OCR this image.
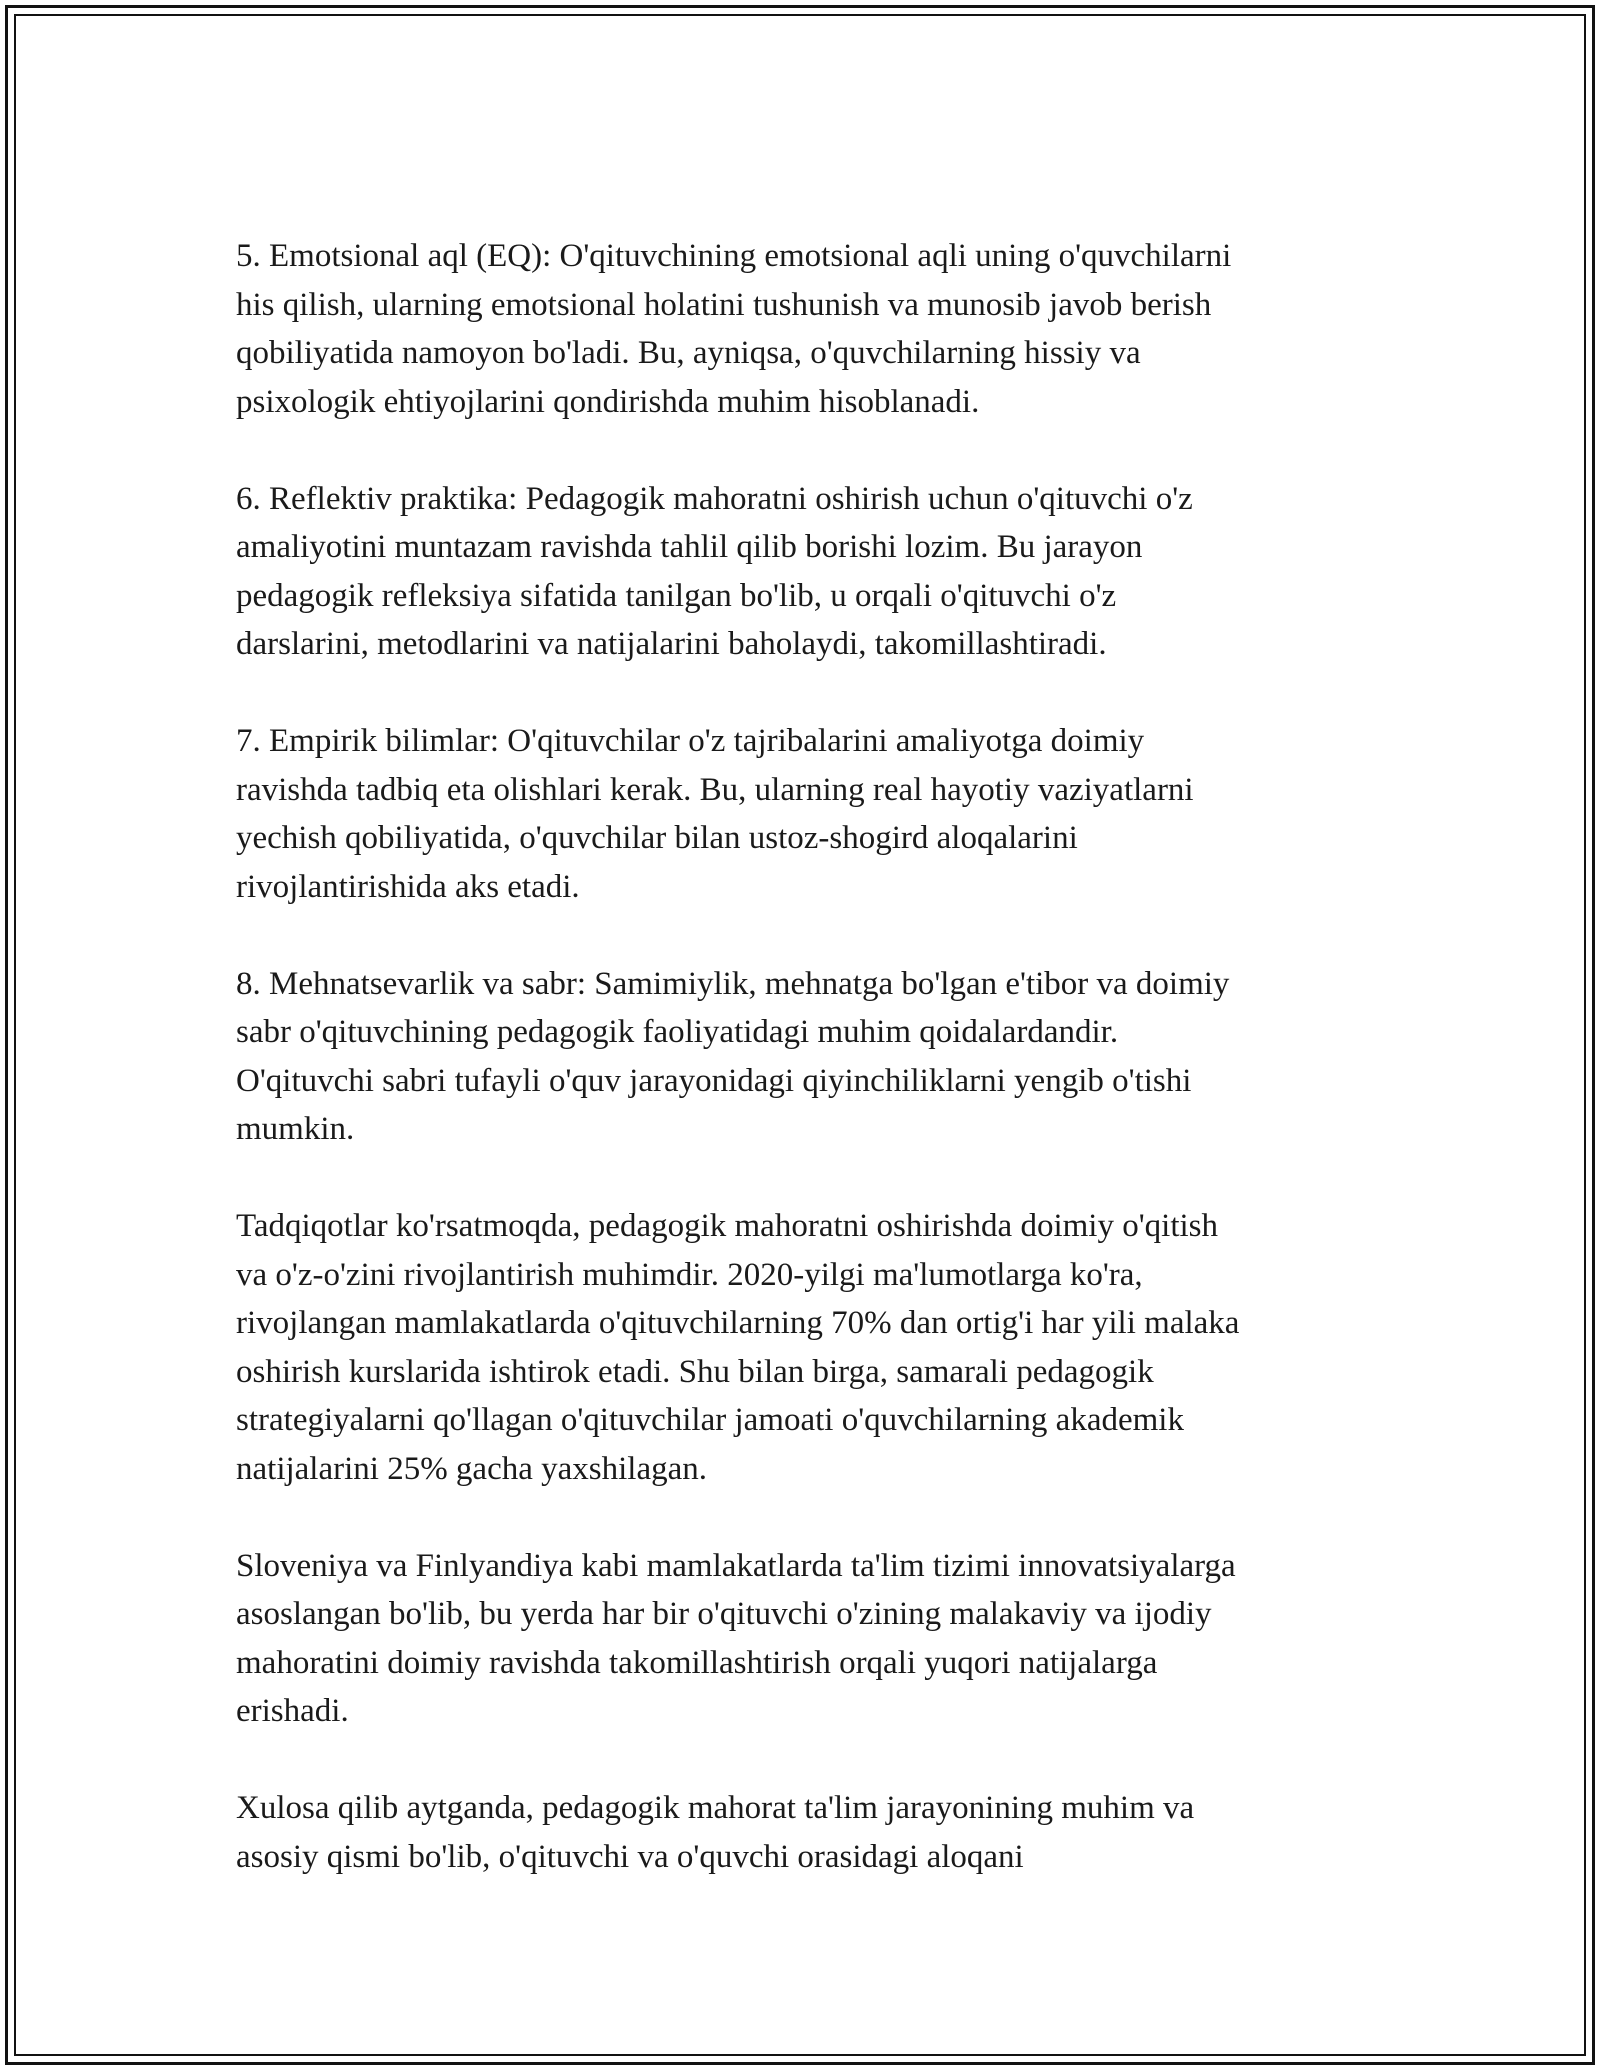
5. Emotsional aql (EQ): O'qituvchining emotsional aqli uning o'quvchilarni
his qilish, ularning emotsional holatini tushunish va munosib javob berish
qobiliyatida namoyon bo'ladi. Bu, ayniqsa, o'quvchilarning hissiy va
psixologik ehtiyojlarini qondirishda muhim hisoblanadi.

6. Reflektiv praktika: Pedagogik mahoratni oshirish uchun o'qituvchi o'z
amaliyotini muntazam ravishda tahlil qilib borishi lozim. Bu jarayon
pedagogik refleksiya sifatida tanilgan bo'lib, u orqali o'qituvchi o'z
darslarini, metodlarini va natijalarini baholaydi, takomillashtiradi.

7. Empirik bilimlar: O'qituvchilar o'z tajribalarini amaliyotga doimiy
ravishda tadbiq eta olishlari kerak. Bu, ularning real hayotiy vaziyatlarni
yechish qobiliyatida, o'quvchilar bilan ustoz-shogird aloqalarini
rivojlantirishida aks etadi.

8. Mehnatsevarlik va sabr: Samimiylik, mehnatga bo'lgan e'tibor va doimiy
sabr o'qituvchining pedagogik faoliyatidagi muhim qoidalardandir.
O'qituvchi sabri tufayli o'quv jarayonidagi qiyinchiliklarni yengib o'tishi
mumkin.

Tadqiqotlar ko'rsatmoqda, pedagogik mahoratni oshirishda doimiy o'qitish
va o'z-o'zini rivojlantirish muhimdir. 2020-yilgi ma'lumotlarga ko'ra,
rivojlangan mamlakatlarda o'qituvchilarning 70% dan ortig'i har yili malaka
oshirish kurslarida ishtirok etadi. Shu bilan birga, samarali pedagogik
strategiyalarni qo'llagan o'qituvchilar jamoati o'quvchilarning akademik
natijalarini 25% gacha yaxshilagan.

Sloveniya va Finlyandiya kabi mamlakatlarda ta'lim tizimi innovatsiyalarga
asoslangan bo'lib, bu yerda har bir o'qituvchi o'zining malakaviy va ijodiy
mahoratini doimiy ravishda takomillashtirish orqali yuqori natijalarga
erishadi.

Xulosa qilib aytganda, pedagogik mahorat ta'lim jarayonining muhim va
asosiy qismi bo'lib, o'qituvchi va o'quvchi orasidagi aloqani
